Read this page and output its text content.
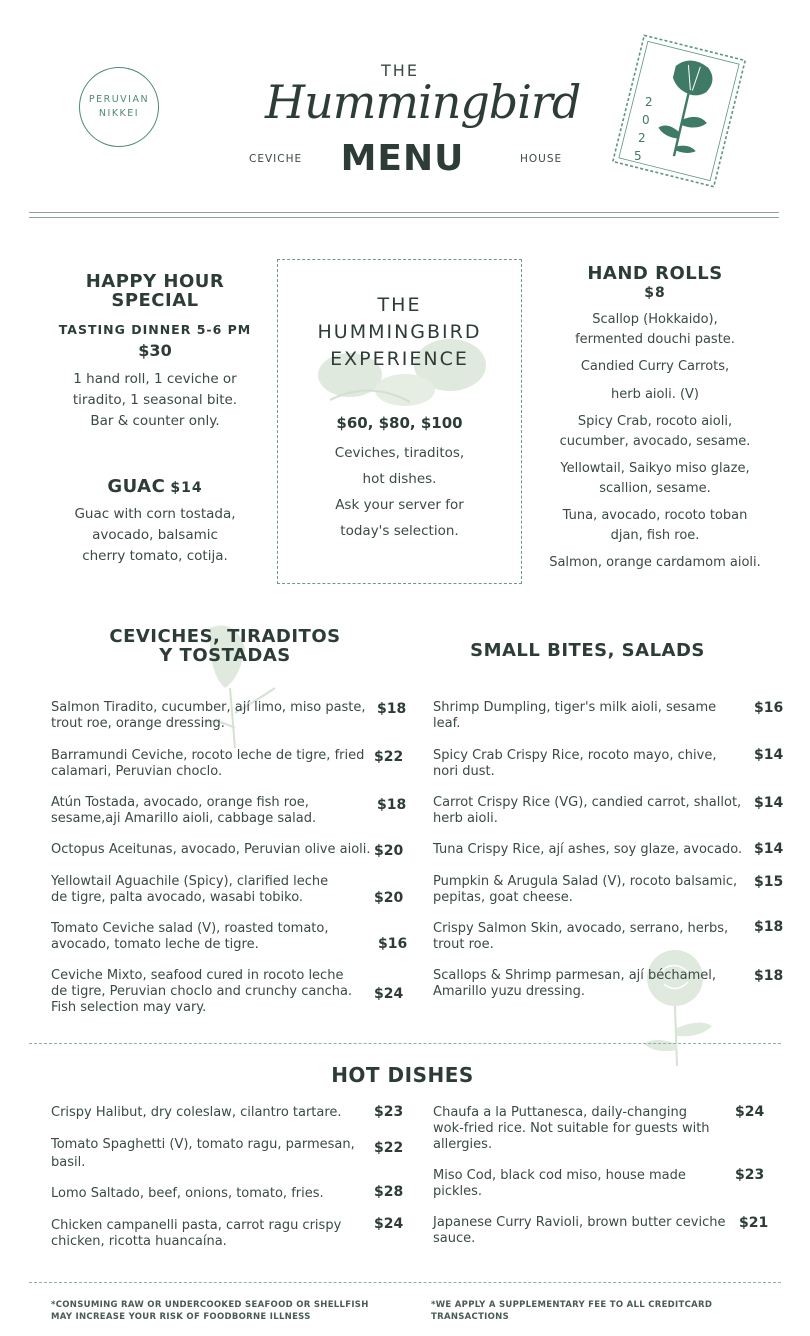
PERUVIAN
NIKKEI
THE
Hummingbird
CEVICHE MENU	HOUSE
2
0
2
5
HAPPY HOUR
SPECIAL
TASTING DINNER 5-6 PM
$30
1 hand roll, 1 ceviche or
tiradito, 1 seasonal bite.
Bar & counter only.
GUAC $14
Guac with corn tostada,
avocado, balsamic
cherry tomato, cotija.
THE
HUMMINGBIRD
EXPERIENCE
$60, $80, $100
Ceviches, tiraditos,
hot dishes.
Ask your server for
today's selection.
HAND ROLLS
$8
Scallop (Hokkaido),
fermented douchi paste.
Candied Curry Carrots,
herb aioli. (V)
Spicy Crab, rocoto aioli,
cucumber, avocado, sesame.
Yellowtail, Saikyo miso glaze,
scallion, sesame.
Tuna, avocado, rocoto toban
djan, fish roe.
Salmon, orange cardamom aioli.
CEVICHES, TIRADITOS
Y TOSTADAS
Salmon Tiradito, cucumber, ají limo, miso paste,
trout roe, orange dressing.
$18
Barramundi Ceviche, rocoto leche de tigre, fried
calamari, Peruvian choclo.
$22
Atún Tostada, avocado, orange fish roe,
sesame,aji Amarillo aioli, cabbage salad.
$18
Octopus Aceitunas, avocado, Peruvian olive aioli. $20
Yellowtail Aguachile (Spicy), clarified leche
de tigre, palta avocado, wasabi tobiko.	$20
Tomato Ceviche salad (V), roasted tomato,
avocado, tomato leche de tigre.	$16
Ceviche Mixto, seafood cured in rocoto leche
de tigre, Peruvian choclo and crunchy cancha.
Fish selection may vary.
$24
SMALL BITES, SALADS
Shrimp Dumpling, tiger's milk aioli, sesame
leaf.
$16
Spicy Crab Crispy Rice, rocoto mayo, chive,
nori dust.
$14
Carrot Crispy Rice (VG), candied carrot, shallot,
herb aioli.
$14
Tuna Crispy Rice, ají ashes, soy glaze, avocado. $14
Pumpkin & Arugula Salad (V), rocoto balsamic,
pepitas, goat cheese.
$15
Crispy Salmon Skin, avocado, serrano, herbs,
trout roe.
$18
Scallops & Shrimp parmesan, ají béchamel,
Amarillo yuzu dressing.
$18
HOT DISHES
Crispy Halibut, dry coleslaw, cilantro tartare.	$23
Tomato Spaghetti (V), tomato ragu, parmesan,
basil.
$22
Lomo Saltado, beef, onions, tomato, fries.	$28
Chicken campanelli pasta, carrot ragu crispy
chicken, ricotta huancaína.
$24
Chaufa a la Puttanesca, daily-changing
wok-fried rice. Not suitable for guests with
allergies.
$24
Miso Cod, black cod miso, house made
pickles.
$23
Japanese Curry Ravioli, brown butter ceviche
sauce.
$21
*CONSUMING RAW OR UNDERCOOKED SEAFOOD OR SHELLFISH
MAY INCREASE YOUR RISK OF FOODBORNE ILLNESS
*WE APPLY A SUPPLEMENTARY FEE TO ALL CREDITCARD TRANSACTIONS
